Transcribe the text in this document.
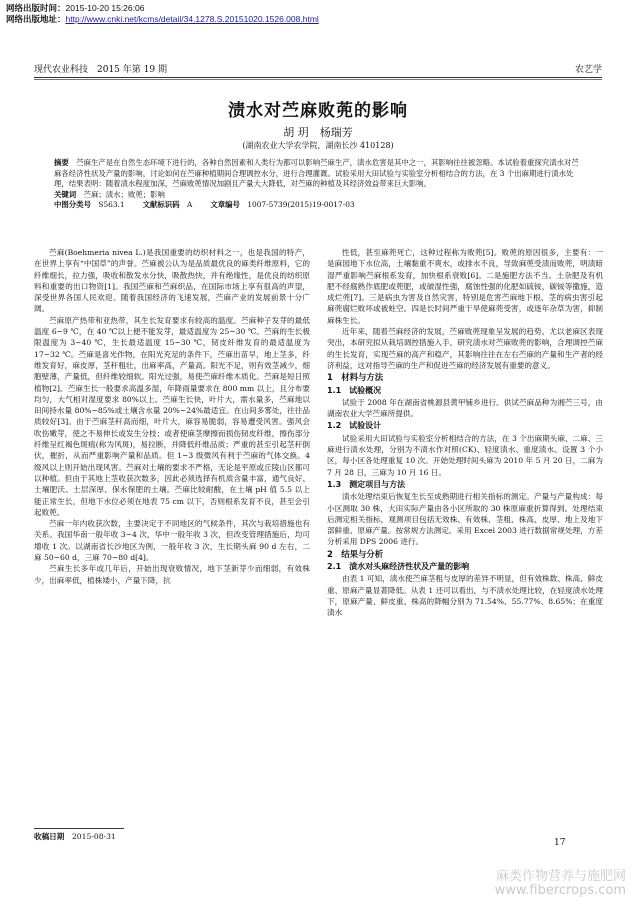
网络出版时间：2015-10-20 15:26:06
网络出版地址：http://www.cnki.net/kcms/detail/34.1278.S.20151020.1526.008.html
现代农业科技　2015 年第 19 期	农艺学
渍水对苎麻败蔸的影响
胡 玥　杨瑞芳
(湖南农业大学农学院，湖南长沙 410128)
摘要　 苎麻生产是在自然生态环境下进行的，各种自然因素和人类行为都可以影响苎麻生产，渍水危害是其中之一，其影响往往被忽略。本试验着重探究渍水对苎麻各经济性状及产量的影响，讨论如何在苎麻种植期间合理调控水分，进行合理灌溉。试验采用大田试验与实验室分析相结合的方法，在 3 个出麻期进行渍水处理，结果表明：随着渍水程度加深，苎麻败蔸情况加剧且产量大大降低，对苎麻的种植及其经济效益带来巨大影响。
关键词　 苎麻；渍水；败蔸；影响
中图分类号　 S563.1 文献标识码　 A 文章编号　 1007-5739(2015)19-0017-03

苎麻(Boehmeria nivea L.)是我国重要的纺织材料之一，也是我国的特产，在世界上享有“中国草”的声誉。苎麻被公认为是品质最优良的麻类纤维原料，它的纤维细长，拉力强，吸收和散发水分快，吸散热快，并有绝缘性，是优良的纺织原料和重要的出口物资[1]。我国苎麻和苎麻织品，在国际市场上享有很高的声望，深受世界各国人民欢迎。随着我国经济的飞速发展，苎麻产业的发展前景十分广阔。

苎麻原产热带和亚热带，其生长发育要求有较高的温度。苎麻种子发芽的最低温度 6~9 ℃，在 40 ℃以上便不能发芽，最适温度为 25~30 ℃。苎麻的生长极限温度为 3~40 ℃，生长最适温度 15~30 ℃，韧皮纤维发育的最适温度为 17~32 ℃。苎麻是喜光作物，在阳光充足的条件下，苎麻出苗早，地上茎多，纤维发育好，麻皮厚，茎秆粗壮，出麻率高，产量高。阳光不足，则有效茎减少，细胞壁薄，产量低，但纤维较细软。阳光过强，易使苎麻纤维木质化。苎麻是短日照植物[2]。苎麻生长一般要求高温多湿，年降雨量要求在 800 mm 以上，且分布要均匀，大气相对湿度要求 80%以上。苎麻生长快，叶片大，需水量多，苎麻地以田间持水量 80%~85%或土壤含水量 20%~24%最适宜。在山间多雾处，往往品质较好[3]。由于苎麻茎秆高而细，叶片大，麻容易脆弱，容易遭受风害。强风会吹伤嫩芽，使之不易伸长或发生分枝；或者使麻茎摩擦而损伤韧皮纤维，擦伤部分纤维呈红褐色斑痕(称为风斑)，易拉断，并降低纤维品质；严重的甚至引起茎秆倒伏，摧折，从而严重影响产量和品质。但 1~3 级微风有利于苎麻的气体交换。4 级风以上则开始出现风害。苎麻对土壤的要求不严格，无论是平原或丘陵山区都可以种植。但由于其地上茎收获次数多，因此必须选择有机质含量丰富，通气良好、土壤肥沃、土层深厚、保水保肥的土壤。苎麻比较耐酸，在土壤 pH 值 5.5 以上能正常生长，但地下水位必须在地表 75 cm 以下，否则根系发育不良，甚至会引起败蔸。

苎麻一年内收获次数，主要决定于不同地区的气候条件，其次与栽培措施也有关系。我国华南一般年收 3~4 次，华中一般年收 3 次，但改变管理措施后，均可增收 1 次。以湖南省长沙地区为例，一般年收 3 次，生长期头麻 90 d 左右，二麻 50~60 d，三麻 70~80 d[4]。

苎麻生长多年或几年后，开始出现衰败情况，地下茎新芽少而细弱，有效株少，出麻率低，植株矮小，产量下降，抗

性低，甚至麻蔸死亡，这种过程称为败蔸[5]。败蔸的原因很多，主要有：一是麻园地下水位高，土壤黏重不爽水，或排水不良，导致麻蔸受渍而败蔸，明渍暗湿严重影响苎麻根系发育，加快根系衰败[6]。二是施肥方法不当。土杂肥及有机肥不经腐熟作底肥或蔸肥，或破湿性强，腐蚀性强的化肥如硫铵，碳铵等撒施，造成烂蔸[7]。三是病虫为害及自然灾害，特别是危害苎麻地下根、茎的病虫害引起麻蔸腐烂败坏或被蛀空。四是长时间严重干旱使麻蔸受害，或逐年杂草为害，抑制麻株生长。

近年来，随着苎麻经济的发展，苎麻败蔸现象呈发展的趋势。尤以老麻区表现突出，本研究拟从栽培调控措施入手，研究渍水对苎麻败蔸的影响，合理调控苎麻的生长发育，实现苎麻的高产和稳产，其影响往往在左右苎麻的产量和生产者的经济利益，这对指导苎麻的生产和促进苎麻的经济发展有重要的意义。

1　材料与方法
1.1　试验概况

试验于 2008 年在湖南省桃源县黄甲铺乡进行。供试苎麻品种为湘苎三号，由湖南农业大学苎麻所提供。

1.2　试验设计

试验采用大田试验与实验室分析相结合的方法，在 3 个出麻期头麻、二麻、三麻进行渍水处理，分别为不渍水作对照(CK)、轻度渍水、重度渍水。设置 3 个小区，每小区各处理重复 10 次。开始处理时间头麻为 2010 年 5 月 20 日，二麻为 7 月 28 日，三麻为 10 月 16 日。

1.3　测定项目与方法

渍水处理结束后恢复生长至成熟期进行相关指标的测定。产量与产量构成：每小区测取 30 株，大田实际产量由各小区所取的 30 株原麻重折算得到。处理结束后测定相关指标，观测项目包括无效株、有效株、茎粗、株高、皮厚、地上及地下部鲜重、原麻产量。按常规方法测定。采用 Excel 2003 进行数据常规处理，方差分析采用 DPS 2006 进行。

2　结果与分析
2.1　渍水对头麻经济性状及产量的影响

由表 1 可知，渍水使苎麻茎粗与皮厚的差异不明显，但有效株数、株高、鲜皮重、原麻产量显著降低。从表 1 还可以看出，与不渍水处理比较，在轻度渍水处理下，原麻产量、鲜皮重、株高的降幅分别为 71.54%、55.77%、8.65%；在重度渍水

收稿日期　 2015-08-31
17
麻类作物营养与施肥网
www.fibercrops.com
